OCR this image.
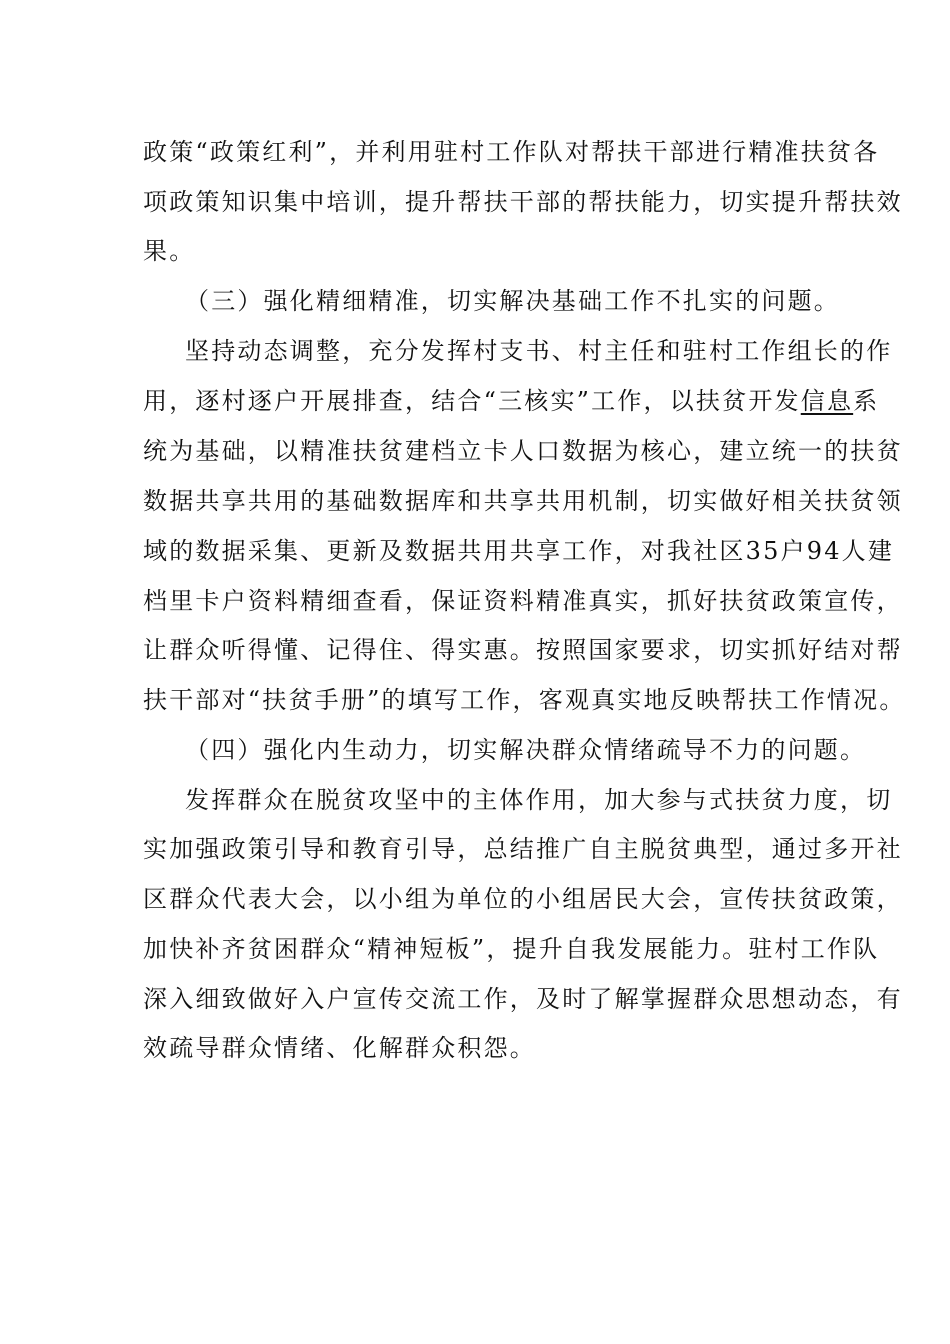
政策“政策红利”，并利用驻村工作队对帮扶干部进行精准扶贫各
项政策知识集中培训，提升帮扶干部的帮扶能力，切实提升帮扶效
果。
（三）强化精细精准，切实解决基础工作不扎实的问题。
坚持动态调整，充分发挥村支书、村主任和驻村工作组长的作
用，逐村逐户开展排查，结合“三核实”工作，以扶贫开发信息系
统为基础，以精准扶贫建档立卡人口数据为核心，建立统一的扶贫
数据共享共用的基础数据库和共享共用机制，切实做好相关扶贫领
域的数据采集、更新及数据共用共享工作，对我社区35户94人建
档里卡户资料精细查看，保证资料精准真实，抓好扶贫政策宣传，
让群众听得懂、记得住、得实惠。按照国家要求，切实抓好结对帮
扶干部对“扶贫手册”的填写工作，客观真实地反映帮扶工作情况。
（四）强化内生动力，切实解决群众情绪疏导不力的问题。
发挥群众在脱贫攻坚中的主体作用，加大参与式扶贫力度，切
实加强政策引导和教育引导，总结推广自主脱贫典型，通过多开社
区群众代表大会，以小组为单位的小组居民大会，宣传扶贫政策，
加快补齐贫困群众“精神短板”，提升自我发展能力。驻村工作队
深入细致做好入户宣传交流工作，及时了解掌握群众思想动态，有
效疏导群众情绪、化解群众积怨。
